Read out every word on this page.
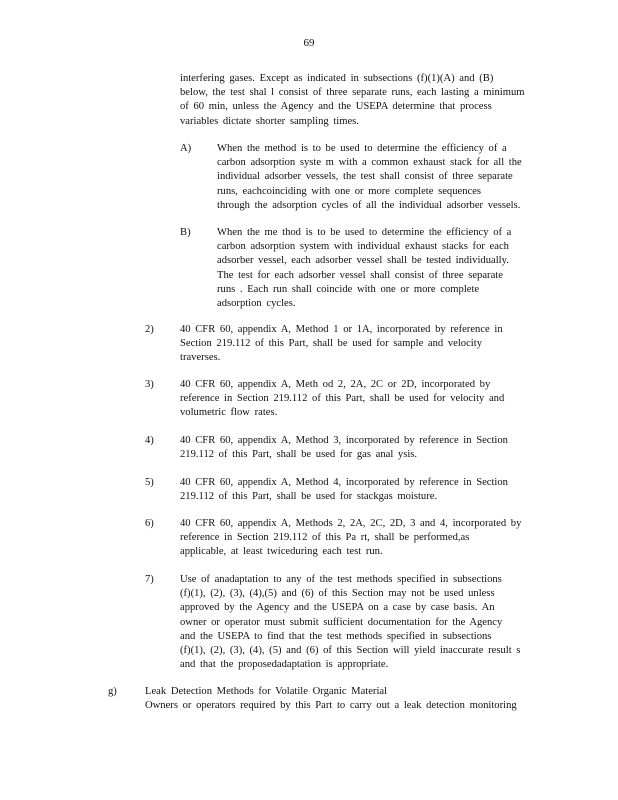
69
interfering gases. Except as indicated in subsections (f)(1)(A) and (B)
below, the test shal l consist of three separate runs, each lasting a minimum
of 60 min, unless the Agency and the USEPA determine that process
variables dictate shorter sampling times.
A) When the method is to be used to determine the efficiency of a
carbon adsorption syste m with a common exhaust stack for all the
individual adsorber vessels, the test shall consist of three separate
runs, eachcoinciding with one or more complete sequences
through the adsorption cycles of all the individual adsorber vessels.
B) When the me thod is to be used to determine the efficiency of a
carbon adsorption system with individual exhaust stacks for each
adsorber vessel, each adsorber vessel shall be tested individually.
The test for each adsorber vessel shall consist of three separate
runs . Each run shall coincide with one or more complete
adsorption cycles.
2) 40 CFR 60, appendix A, Method 1 or 1A, incorporated by reference in
Section 219.112 of this Part, shall be used for sample and velocity
traverses.
3) 40 CFR 60, appendix A, Meth od 2, 2A, 2C or 2D, incorporated by
reference in Section 219.112 of this Part, shall be used for velocity and
volumetric flow rates.
4) 40 CFR 60, appendix A, Method 3, incorporated by reference in Section
219.112 of this Part, shall be used for gas anal ysis.
5) 40 CFR 60, appendix A, Method 4, incorporated by reference in Section
219.112 of this Part, shall be used for stackgas moisture.
6) 40 CFR 60, appendix A, Methods 2, 2A, 2C, 2D, 3 and 4, incorporated by
reference in Section 219.112 of this Pa rt, shall be performed,as
applicable, at least twiceduring each test run.
7) Use of anadaptation to any of the test methods specified in subsections
(f)(1), (2), (3), (4),(5) and (6) of this Section may not be used unless
approved by the Agency and the USEPA on a case by case basis. An
owner or operator must submit sufficient documentation for the Agency
and the USEPA to find that the test methods specified in subsections
(f)(1), (2), (3), (4), (5) and (6) of this Section will yield inaccurate result s
and that the proposedadaptation is appropriate.
g)	Leak Detection Methods for Volatile Organic Material
Owners or operators required by this Part to carry out a leak detection monitoring
